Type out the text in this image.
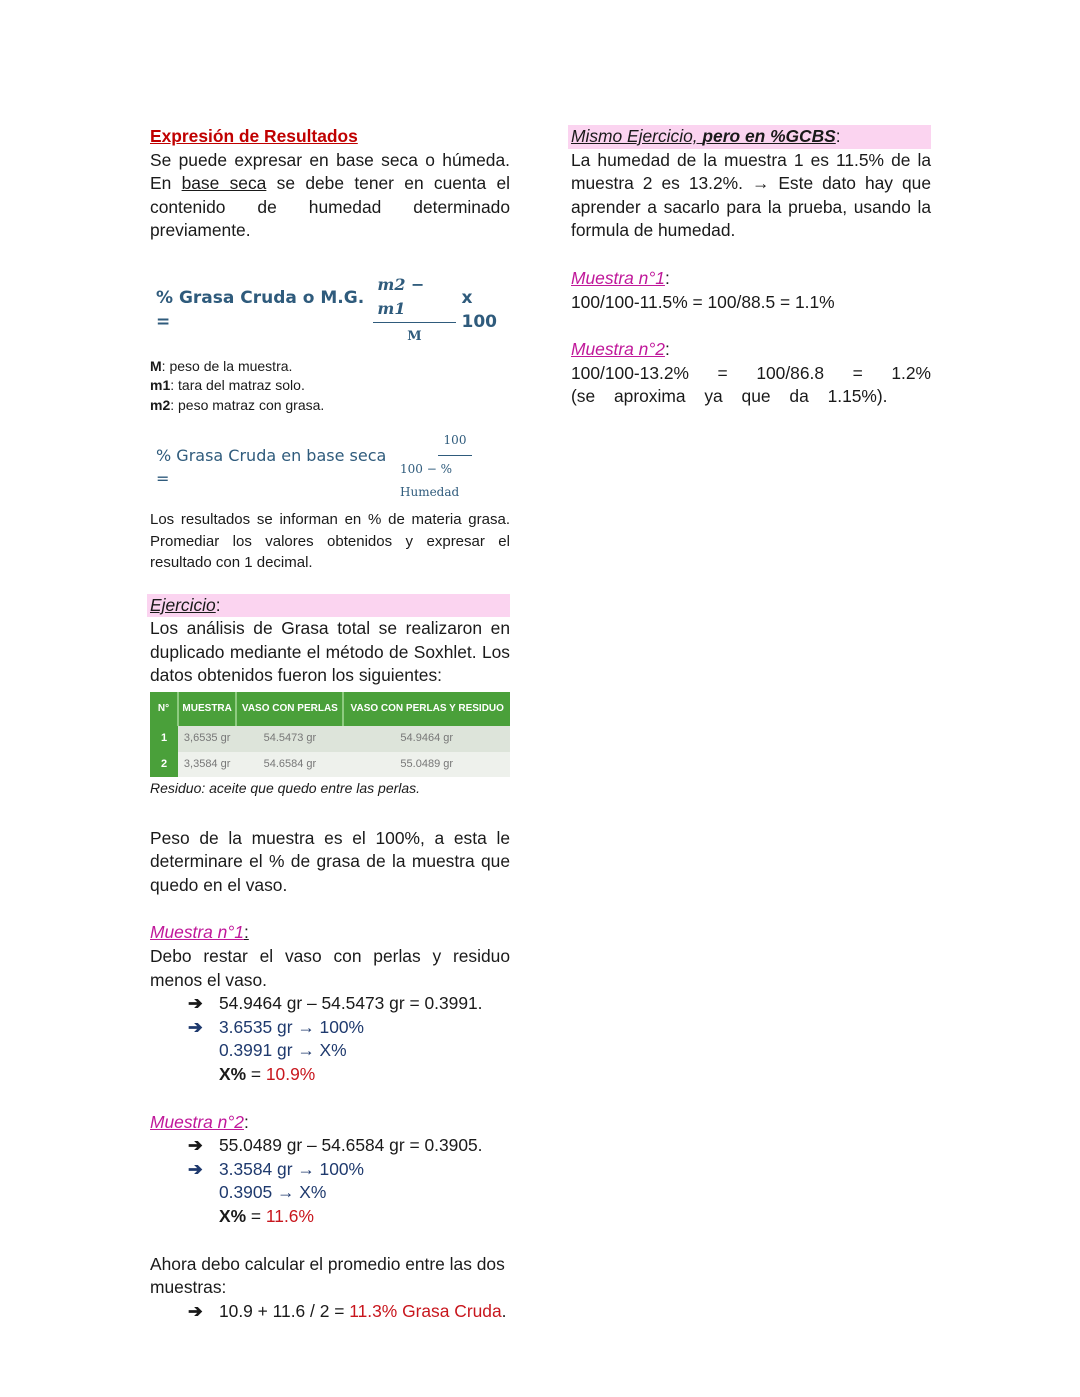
Expresión de Resultados

Se puede expresar en base seca o húmeda. En base seca se debe tener en cuenta el contenido de humedad determinado previamente.

% Grasa Cruda o M.G. =	$\frac{m2 - m1}{M}$ x 100
M: peso de la muestra.
m1: tara del matraz solo.
m2: peso matraz con grasa.
% Grasa Cruda en base seca =	$\frac{100}{\text{100 − \% Humedad}}$

Los resultados se informan en % de materia grasa. Promediar los valores obtenidos y expresar el resultado con 1 decimal.

Ejercicio:

Los análisis de Grasa total se realizaron en duplicado mediante el método de Soxhlet. Los datos obtenidos fueron los siguientes:

N°	MUESTRA	VASO CON PERLAS	VASO CON PERLAS Y RESIDUO
1	3,6535 gr	54.5473 gr	54.9464 gr
2	3,3584 gr	54.6584 gr	55.0489 gr

Residuo: aceite que quedo entre las perlas.

Peso de la muestra es el 100%, a esta le determinare el % de grasa de la muestra que quedo en el vaso.

Muestra n°1:

Debo restar el vaso con perlas y residuo menos el vaso.

➔ 54.9464 gr – 54.5473 gr = 0.3991.
➔ 3.6535 gr → 100%
0.3991 gr → X%
X% = 10.9%

Muestra n°2:

➔ 55.0489 gr – 54.6584 gr = 0.3905.
➔ 3.3584 gr → 100%
0.3905 → X%
X% = 11.6%

Ahora debo calcular el promedio entre las dos muestras:

➔ 10.9 + 11.6 / 2 = 11.3% Grasa Cruda.
Mismo Ejercicio, pero en %GCBS:

La humedad de la muestra 1 es 11.5% de la muestra 2 es 13.2%. → Este dato hay que aprender a sacarlo para la prueba, usando la formula de humedad.

Muestra n°1:

100/100-11.5% = 100/88.5 = 1.1%

Muestra n°2:

100/100-13.2% = 100/86.8 = 1.2% (se aproxima ya que da 1.15%).
